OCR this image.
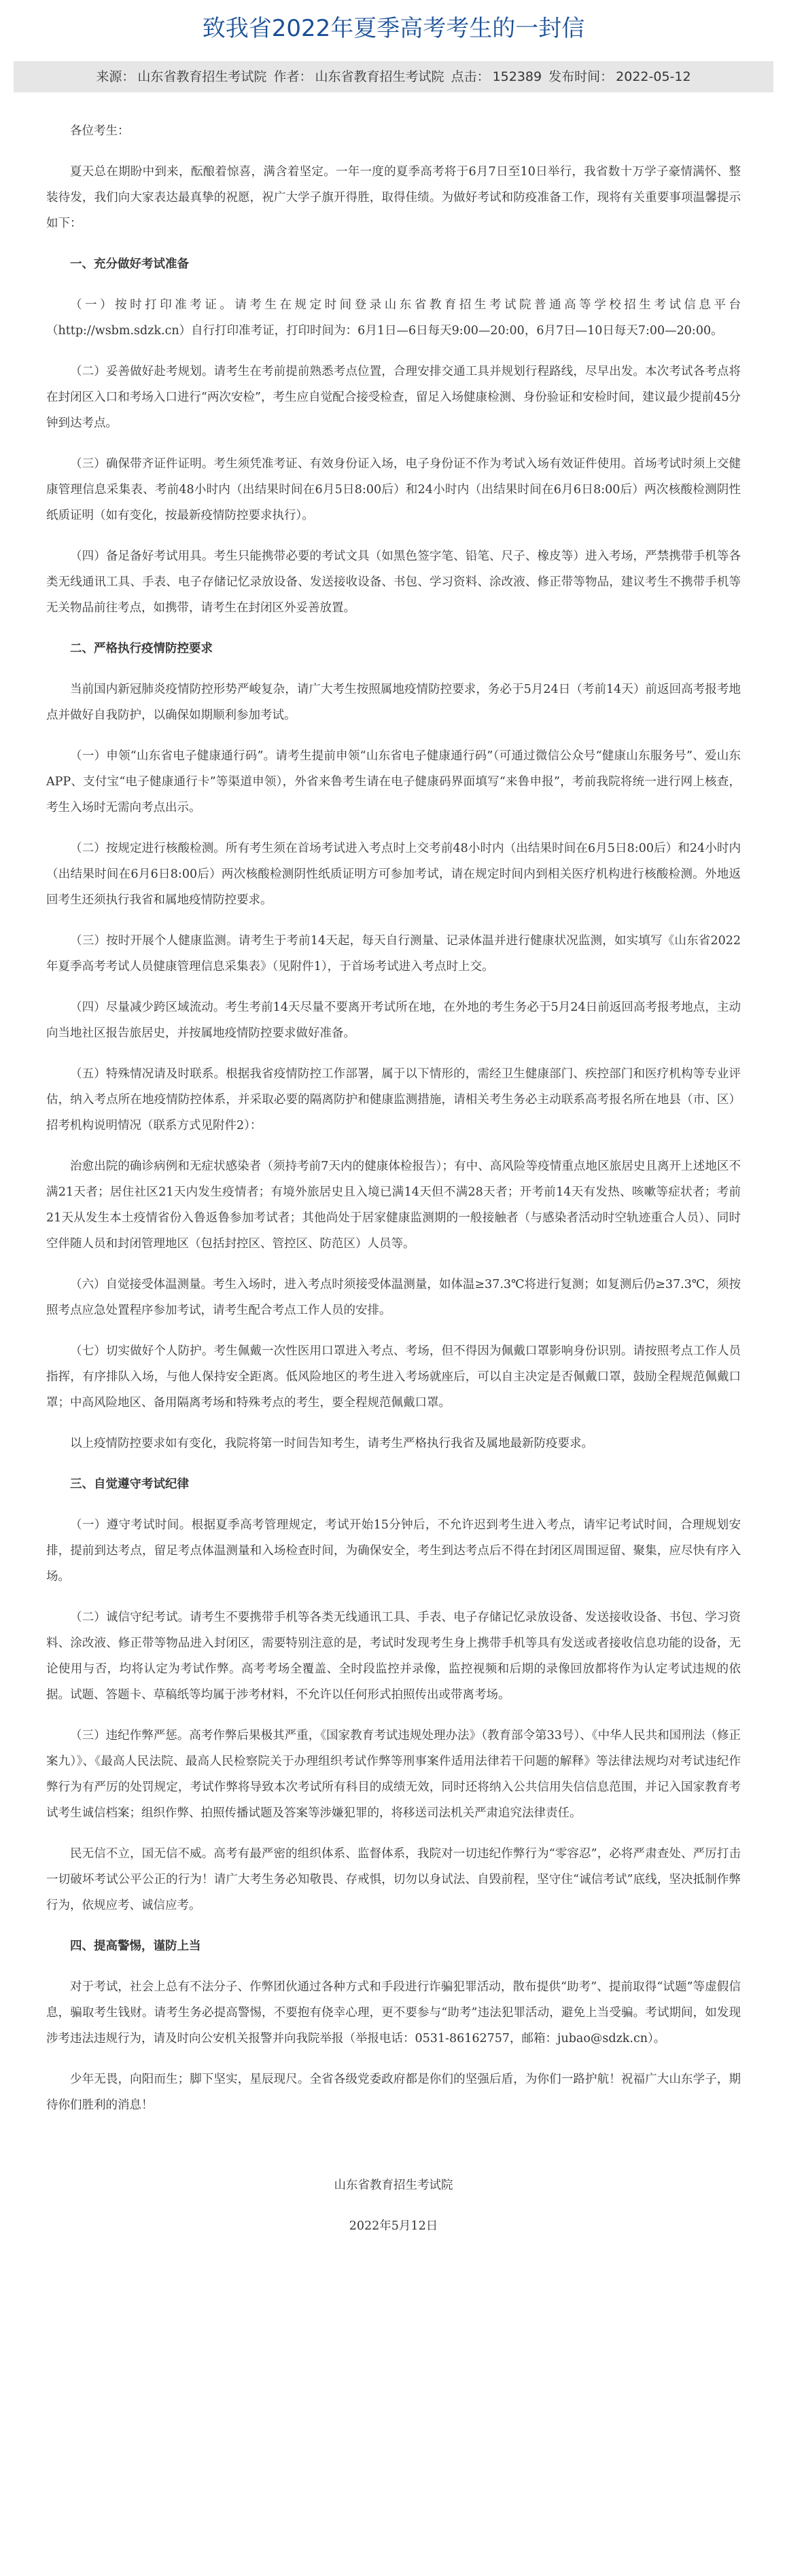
致我省2022年夏季高考考生的一封信
来源： 山东省教育招生考试院 作者： 山东省教育招生考试院 点击： 152389 发布时间： 2022-05-12

各位考生：

夏天总在期盼中到来，酝酿着惊喜，满含着坚定。一年一度的夏季高考将于6月7日至10日举行，我省数十万学子豪情满怀、整装待发，我们向大家表达最真挚的祝愿，祝广大学子旗开得胜，取得佳绩。为做好考试和防疫准备工作，现将有关重要事项温馨提示如下：

一、充分做好考试准备

（一）按时打印准考证。请考生在规定时间登录山东省教育招生考试院普通高等学校招生考试信息平台（http://wsbm.sdzk.cn）自行打印准考证，打印时间为：6月1日—6日每天9:00—20:00，6月7日—10日每天7:00—20:00。

（二）妥善做好赴考规划。请考生在考前提前熟悉考点位置，合理安排交通工具并规划行程路线，尽早出发。本次考试各考点将在封闭区入口和考场入口进行“两次安检”，考生应自觉配合接受检查，留足入场健康检测、身份验证和安检时间，建议最少提前45分钟到达考点。

（三）确保带齐证件证明。考生须凭准考证、有效身份证入场，电子身份证不作为考试入场有效证件使用。首场考试时须上交健康管理信息采集表、考前48小时内（出结果时间在6月5日8:00后）和24小时内（出结果时间在6月6日8:00后）两次核酸检测阴性纸质证明（如有变化，按最新疫情防控要求执行）。

（四）备足备好考试用具。考生只能携带必要的考试文具（如黑色签字笔、铅笔、尺子、橡皮等）进入考场，严禁携带手机等各类无线通讯工具、手表、电子存储记忆录放设备、发送接收设备、书包、学习资料、涂改液、修正带等物品，建议考生不携带手机等无关物品前往考点，如携带，请考生在封闭区外妥善放置。

二、严格执行疫情防控要求

当前国内新冠肺炎疫情防控形势严峻复杂，请广大考生按照属地疫情防控要求，务必于5月24日（考前14天）前返回高考报考地点并做好自我防护，以确保如期顺利参加考试。

（一）申领“山东省电子健康通行码”。请考生提前申领“山东省电子健康通行码”（可通过微信公众号“健康山东服务号”、爱山东APP、支付宝“电子健康通行卡”等渠道申领），外省来鲁考生请在电子健康码界面填写“来鲁申报”，考前我院将统一进行网上核查，考生入场时无需向考点出示。

（二）按规定进行核酸检测。所有考生须在首场考试进入考点时上交考前48小时内（出结果时间在6月5日8:00后）和24小时内（出结果时间在6月6日8:00后）两次核酸检测阴性纸质证明方可参加考试，请在规定时间内到相关医疗机构进行核酸检测。外地返回考生还须执行我省和属地疫情防控要求。

（三）按时开展个人健康监测。请考生于考前14天起，每天自行测量、记录体温并进行健康状况监测，如实填写《山东省2022年夏季高考考试人员健康管理信息采集表》（见附件1），于首场考试进入考点时上交。

（四）尽量减少跨区域流动。考生考前14天尽量不要离开考试所在地，在外地的考生务必于5月24日前返回高考报考地点，主动向当地社区报告旅居史，并按属地疫情防控要求做好准备。

（五）特殊情况请及时联系。根据我省疫情防控工作部署，属于以下情形的，需经卫生健康部门、疾控部门和医疗机构等专业评估，纳入考点所在地疫情防控体系，并采取必要的隔离防护和健康监测措施，请相关考生务必主动联系高考报名所在地县（市、区）招考机构说明情况（联系方式见附件2）：

治愈出院的确诊病例和无症状感染者（须持考前7天内的健康体检报告）；有中、高风险等疫情重点地区旅居史且离开上述地区不满21天者；居住社区21天内发生疫情者；有境外旅居史且入境已满14天但不满28天者；开考前14天有发热、咳嗽等症状者；考前21天从发生本土疫情省份入鲁返鲁参加考试者；其他尚处于居家健康监测期的一般接触者（与感染者活动时空轨迹重合人员）、同时空伴随人员和封闭管理地区（包括封控区、管控区、防范区）人员等。

（六）自觉接受体温测量。考生入场时，进入考点时须接受体温测量，如体温≥37.3℃将进行复测；如复测后仍≥37.3℃，须按照考点应急处置程序参加考试，请考生配合考点工作人员的安排。

（七）切实做好个人防护。考生佩戴一次性医用口罩进入考点、考场，但不得因为佩戴口罩影响身份识别。请按照考点工作人员指挥，有序排队入场，与他人保持安全距离。低风险地区的考生进入考场就座后，可以自主决定是否佩戴口罩，鼓励全程规范佩戴口罩；中高风险地区、备用隔离考场和特殊考点的考生，要全程规范佩戴口罩。

以上疫情防控要求如有变化，我院将第一时间告知考生，请考生严格执行我省及属地最新防疫要求。

三、自觉遵守考试纪律

（一）遵守考试时间。根据夏季高考管理规定，考试开始15分钟后，不允许迟到考生进入考点，请牢记考试时间，合理规划安排，提前到达考点，留足考点体温测量和入场检查时间，为确保安全，考生到达考点后不得在封闭区周围逗留、聚集，应尽快有序入场。

（二）诚信守纪考试。请考生不要携带手机等各类无线通讯工具、手表、电子存储记忆录放设备、发送接收设备、书包、学习资料、涂改液、修正带等物品进入封闭区，需要特别注意的是，考试时发现考生身上携带手机等具有发送或者接收信息功能的设备，无论使用与否，均将认定为考试作弊。高考考场全覆盖、全时段监控并录像，监控视频和后期的录像回放都将作为认定考试违规的依据。试题、答题卡、草稿纸等均属于涉考材料，不允许以任何形式拍照传出或带离考场。

（三）违纪作弊严惩。高考作弊后果极其严重，《国家教育考试违规处理办法》（教育部令第33号）、《中华人民共和国刑法（修正案九）》、《最高人民法院、最高人民检察院关于办理组织考试作弊等刑事案件适用法律若干问题的解释》等法律法规均对考试违纪作弊行为有严厉的处罚规定，考试作弊将导致本次考试所有科目的成绩无效，同时还将纳入公共信用失信信息范围，并记入国家教育考试考生诚信档案；组织作弊、拍照传播试题及答案等涉嫌犯罪的，将移送司法机关严肃追究法律责任。

民无信不立，国无信不威。高考有最严密的组织体系、监督体系，我院对一切违纪作弊行为“零容忍”，必将严肃查处、严厉打击一切破坏考试公平公正的行为！请广大考生务必知敬畏、存戒惧，切勿以身试法、自毁前程，坚守住“诚信考试”底线，坚决抵制作弊行为，依规应考、诚信应考。

四、提高警惕，谨防上当

对于考试，社会上总有不法分子、作弊团伙通过各种方式和手段进行诈骗犯罪活动，散布提供“助考”、提前取得“试题”等虚假信息，骗取考生钱财。请考生务必提高警惕，不要抱有侥幸心理，更不要参与“助考”违法犯罪活动，避免上当受骗。考试期间，如发现涉考违法违规行为，请及时向公安机关报警并向我院举报（举报电话：0531-86162757，邮箱：jubao@sdzk.cn）。

少年无畏，向阳而生；脚下坚实，星辰现尺。全省各级党委政府都是你们的坚强后盾，为你们一路护航！祝福广大山东学子，期待你们胜利的消息！

山东省教育招生考试院
2022年5月12日
